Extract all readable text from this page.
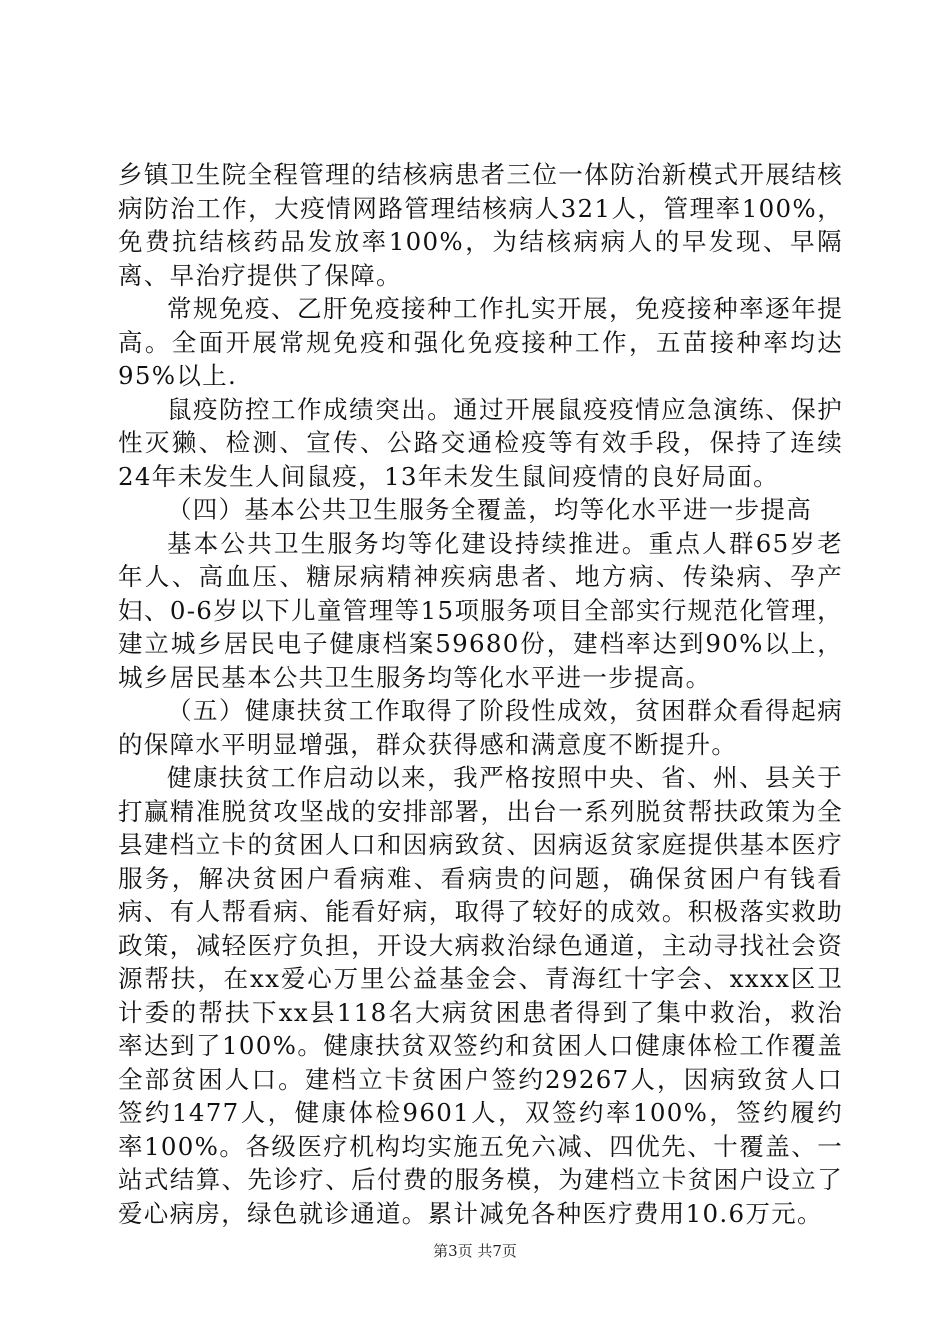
乡镇卫生院全程管理的结核病患者三位一体防治新模式开展结核病防治工作，大疫情网路管理结核病人321人，管理率100%，免费抗结核药品发放率100%，为结核病病人的早发现、早隔离、早治疗提供了保障。

常规免疫、乙肝免疫接种工作扎实开展，免疫接种率逐年提高。全面开展常规免疫和强化免疫接种工作，五苗接种率均达95%以上.

鼠疫防控工作成绩突出。通过开展鼠疫疫情应急演练、保护性灭獭、检测、宣传、公路交通检疫等有效手段，保持了连续24年未发生人间鼠疫，13年未发生鼠间疫情的良好局面。

（四）基本公共卫生服务全覆盖，均等化水平进一步提高

基本公共卫生服务均等化建设持续推进。重点人群65岁老年人、高血压、糖尿病精神疾病患者、地方病、传染病、孕产妇、0-6岁以下儿童管理等15项服务项目全部实行规范化管理，建立城乡居民电子健康档案59680份，建档率达到90%以上，城乡居民基本公共卫生服务均等化水平进一步提高。

（五）健康扶贫工作取得了阶段性成效，贫困群众看得起病的保障水平明显增强，群众获得感和满意度不断提升。

健康扶贫工作启动以来，我严格按照中央、省、州、县关于打赢精准脱贫攻坚战的安排部署，出台一系列脱贫帮扶政策为全县建档立卡的贫困人口和因病致贫、因病返贫家庭提供基本医疗服务，解决贫困户看病难、看病贵的问题，确保贫困户有钱看病、有人帮看病、能看好病，取得了较好的成效。积极落实救助政策，减轻医疗负担，开设大病救治绿色通道，主动寻找社会资源帮扶，在xx爱心万里公益基金会、青海红十字会、xxxx区卫计委的帮扶下xx县118名大病贫困患者得到了集中救治，救治率达到了100%。健康扶贫双签约和贫困人口健康体检工作覆盖全部贫困人口。建档立卡贫困户签约29267人，因病致贫人口签约1477人，健康体检9601人，双签约率100%，签约履约率100%。各级医疗机构均实施五免六减、四优先、十覆盖、一站式结算、先诊疗、后付费的服务模，为建档立卡贫困户设立了爱心病房，绿色就诊通道。累计减免各种医疗费用10.6万元。

第3页 共7页
